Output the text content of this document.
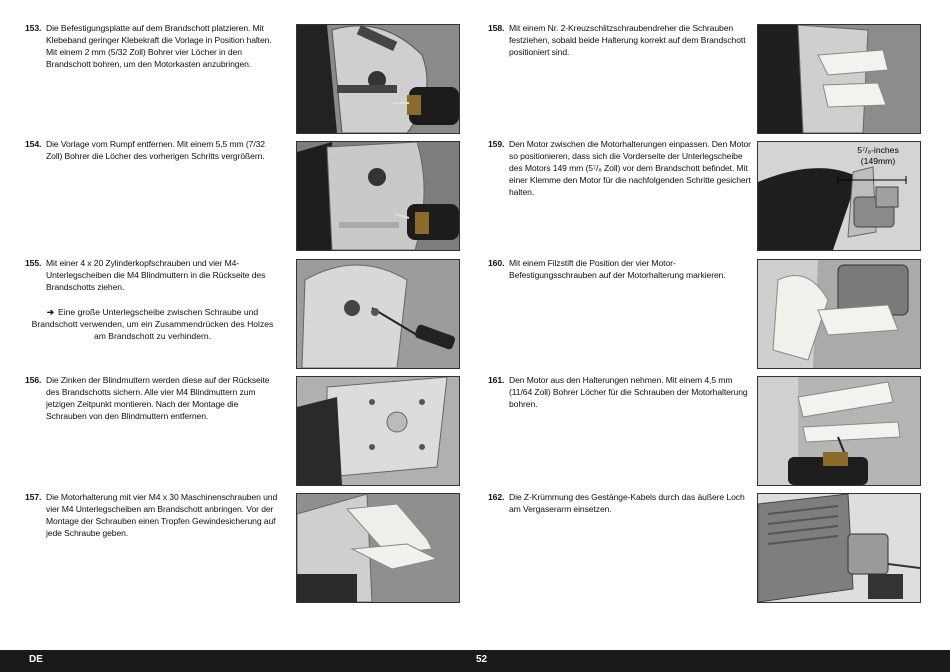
153. Die Befestigungsplatte auf dem Brandschott platzieren. Mit Klebeband geringer Klebekraft die Vorlage in Position halten. Mit einem 2 mm (5/32 Zoll) Bohrer vier Löcher in den Brandschott bohren, um den Motorkasten anzubringen.
154. Die Vorlage vom Rumpf entfernen. Mit einem 5,5 mm (7/32 Zoll) Bohrer die Löcher des vorherigen Schritts vergrößern.
155. Mit einer 4 x 20 Zylinderkopfschrauben und vier M4-Unterlegscheiben die M4 Blindmuttern in die Rückseite des Brandschotts ziehen.
➔ Eine große Unterlegscheibe zwischen Schraube und Brandschott verwenden, um ein Zusammendrücken des Holzes am Brandschott zu verhindern.
156. Die Zinken der Blindmuttern werden diese auf der Rückseite des Brandschotts sichern. Alle vier M4 Blindmuttern zum jetzigen Zeitpunkt montieren. Nach der Montage die Schrauben von den Blindmuttern entfernen.
157. Die Motorhalterung mit vier M4 x 30 Maschinenschrauben und vier M4 Unterlegscheiben am Brandschott anbringen. Vor der Montage der Schrauben einen Tropfen Gewindesicherung auf jede Schraube geben.
158. Mit einem Nr. 2-Kreuzschlitzschraubendreher die Schrauben festziehen, sobald beide Halterung korrekt auf dem Brandschott positioniert sind.
159. Den Motor zwischen die Motorhalterungen einpassen. Den Motor so positionieren, dass sich die Vorderseite der Unterlegscheibe des Motors 149 mm (5⁷/₈ Zoll) vor dem Brandschott befindet. Mit einer Klemme den Motor für die nachfolgenden Schritte gesichert halten.
5⁷/₈-inches
(149mm)
160. Mit einem Filzstift die Position der vier Motor-Befestigungsschrauben auf der Motorhalterung markieren.
161. Den Motor aus den Halterungen nehmen. Mit einem 4,5 mm (11/64 Zoll) Bohrer Löcher für die Schrauben der Motorhalterung bohren.
162. Die Z-Krümmung des Gestänge-Kabels durch das äußere Loch am Vergaserarm einsetzen.
DE	52
